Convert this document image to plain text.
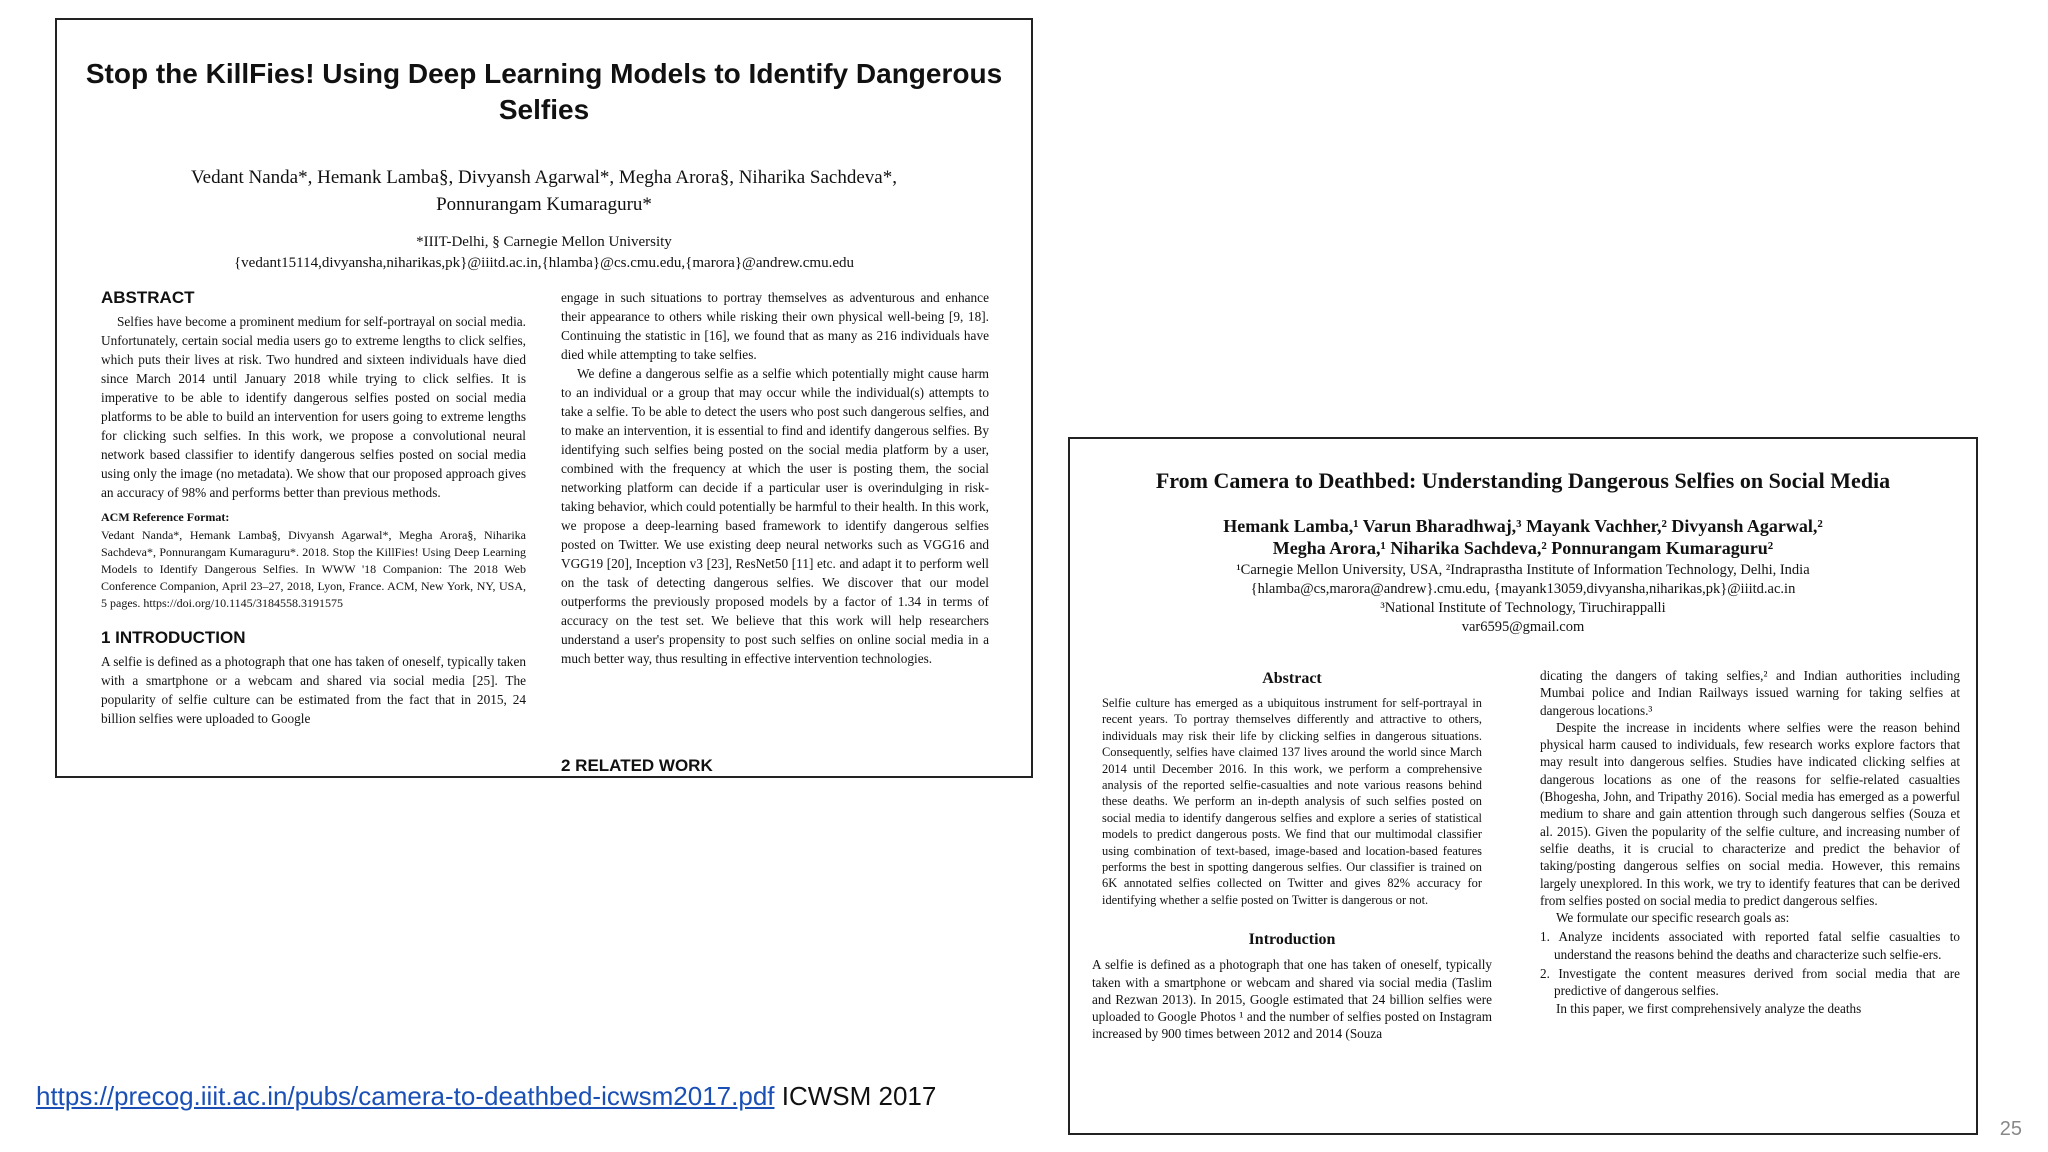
Stop the KillFies! Using Deep Learning Models to Identify Dangerous Selfies
Vedant Nanda*, Hemank Lamba§, Divyansh Agarwal*, Megha Arora§, Niharika Sachdeva*,
Ponnurangam Kumaraguru*
*IIIT-Delhi, § Carnegie Mellon University
{vedant15114,divyansha,niharikas,pk}@iiitd.ac.in,{hlamba}@cs.cmu.edu,{marora}@andrew.cmu.edu
ABSTRACT

Selfies have become a prominent medium for self-portrayal on social media. Unfortunately, certain social media users go to extreme lengths to click selfies, which puts their lives at risk. Two hundred and sixteen individuals have died since March 2014 until January 2018 while trying to click selfies. It is imperative to be able to identify dangerous selfies posted on social media platforms to be able to build an intervention for users going to extreme lengths for clicking such selfies. In this work, we propose a convolutional neural network based classifier to identify dangerous selfies posted on social media using only the image (no metadata). We show that our proposed approach gives an accuracy of 98% and performs better than previous methods.

ACM Reference Format:

Vedant Nanda*, Hemank Lamba§, Divyansh Agarwal*, Megha Arora§, Niharika Sachdeva*, Ponnurangam Kumaraguru*. 2018. Stop the KillFies! Using Deep Learning Models to Identify Dangerous Selfies. In WWW '18 Companion: The 2018 Web Conference Companion, April 23–27, 2018, Lyon, France. ACM, New York, NY, USA, 5 pages. https://doi.org/10.1145/3184558.3191575

1 INTRODUCTION

A selfie is defined as a photograph that one has taken of oneself, typically taken with a smartphone or a webcam and shared via social media [25]. The popularity of selfie culture can be estimated from the fact that in 2015, 24 billion selfies were uploaded to Google

engage in such situations to portray themselves as adventurous and enhance their appearance to others while risking their own physical well-being [9, 18]. Continuing the statistic in [16], we found that as many as 216 individuals have died while attempting to take selfies.

We define a dangerous selfie as a selfie which potentially might cause harm to an individual or a group that may occur while the individual(s) attempts to take a selfie. To be able to detect the users who post such dangerous selfies, and to make an intervention, it is essential to find and identify dangerous selfies. By identifying such selfies being posted on the social media platform by a user, combined with the frequency at which the user is posting them, the social networking platform can decide if a particular user is overindulging in risk-taking behavior, which could potentially be harmful to their health. In this work, we propose a deep-learning based framework to identify dangerous selfies posted on Twitter. We use existing deep neural networks such as VGG16 and VGG19 [20], Inception v3 [23], ResNet50 [11] etc. and adapt it to perform well on the task of detecting dangerous selfies. We discover that our model outperforms the previously proposed models by a factor of 1.34 in terms of accuracy on the test set. We believe that this work will help researchers understand a user's propensity to post such selfies on online social media in a much better way, thus resulting in effective intervention technologies.

2 RELATED WORK
From Camera to Deathbed: Understanding Dangerous Selfies on Social Media
Hemank Lamba,¹ Varun Bharadhwaj,³ Mayank Vachher,² Divyansh Agarwal,²
Megha Arora,¹ Niharika Sachdeva,² Ponnurangam Kumaraguru²
¹Carnegie Mellon University, USA, ²Indraprastha Institute of Information Technology, Delhi, India
{hlamba@cs,marora@andrew}.cmu.edu, {mayank13059,divyansha,niharikas,pk}@iiitd.ac.in
³National Institute of Technology, Tiruchirappalli
var6595@gmail.com
Abstract

Selfie culture has emerged as a ubiquitous instrument for self-portrayal in recent years. To portray themselves differently and attractive to others, individuals may risk their life by clicking selfies in dangerous situations. Consequently, selfies have claimed 137 lives around the world since March 2014 until December 2016. In this work, we perform a comprehensive analysis of the reported selfie-casualties and note various reasons behind these deaths. We perform an in-depth analysis of such selfies posted on social media to identify dangerous selfies and explore a series of statistical models to predict dangerous posts. We find that our multimodal classifier using combination of text-based, image-based and location-based features performs the best in spotting dangerous selfies. Our classifier is trained on 6K annotated selfies collected on Twitter and gives 82% accuracy for identifying whether a selfie posted on Twitter is dangerous or not.

Introduction

A selfie is defined as a photograph that one has taken of oneself, typically taken with a smartphone or webcam and shared via social media (Taslim and Rezwan 2013). In 2015, Google estimated that 24 billion selfies were uploaded to Google Photos ¹ and the number of selfies posted on Instagram increased by 900 times between 2012 and 2014 (Souza

dicating the dangers of taking selfies,² and Indian authorities including Mumbai police and Indian Railways issued warning for taking selfies at dangerous locations.³

Despite the increase in incidents where selfies were the reason behind physical harm caused to individuals, few research works explore factors that may result into dangerous selfies. Studies have indicated clicking selfies at dangerous locations as one of the reasons for selfie-related casualties (Bhogesha, John, and Tripathy 2016). Social media has emerged as a powerful medium to share and gain attention through such dangerous selfies (Souza et al. 2015). Given the popularity of the selfie culture, and increasing number of selfie deaths, it is crucial to characterize and predict the behavior of taking/posting dangerous selfies on social media. However, this remains largely unexplored. In this work, we try to identify features that can be derived from selfies posted on social media to predict dangerous selfies.

We formulate our specific research goals as:

1. Analyze incidents associated with reported fatal selfie casualties to understand the reasons behind the deaths and characterize such selfie-ers.

2. Investigate the content measures derived from social media that are predictive of dangerous selfies.

In this paper, we first comprehensively analyze the deaths

https://precog.iiit.ac.in/pubs/camera-to-deathbed-icwsm2017.pdf ICWSM 2017
25
